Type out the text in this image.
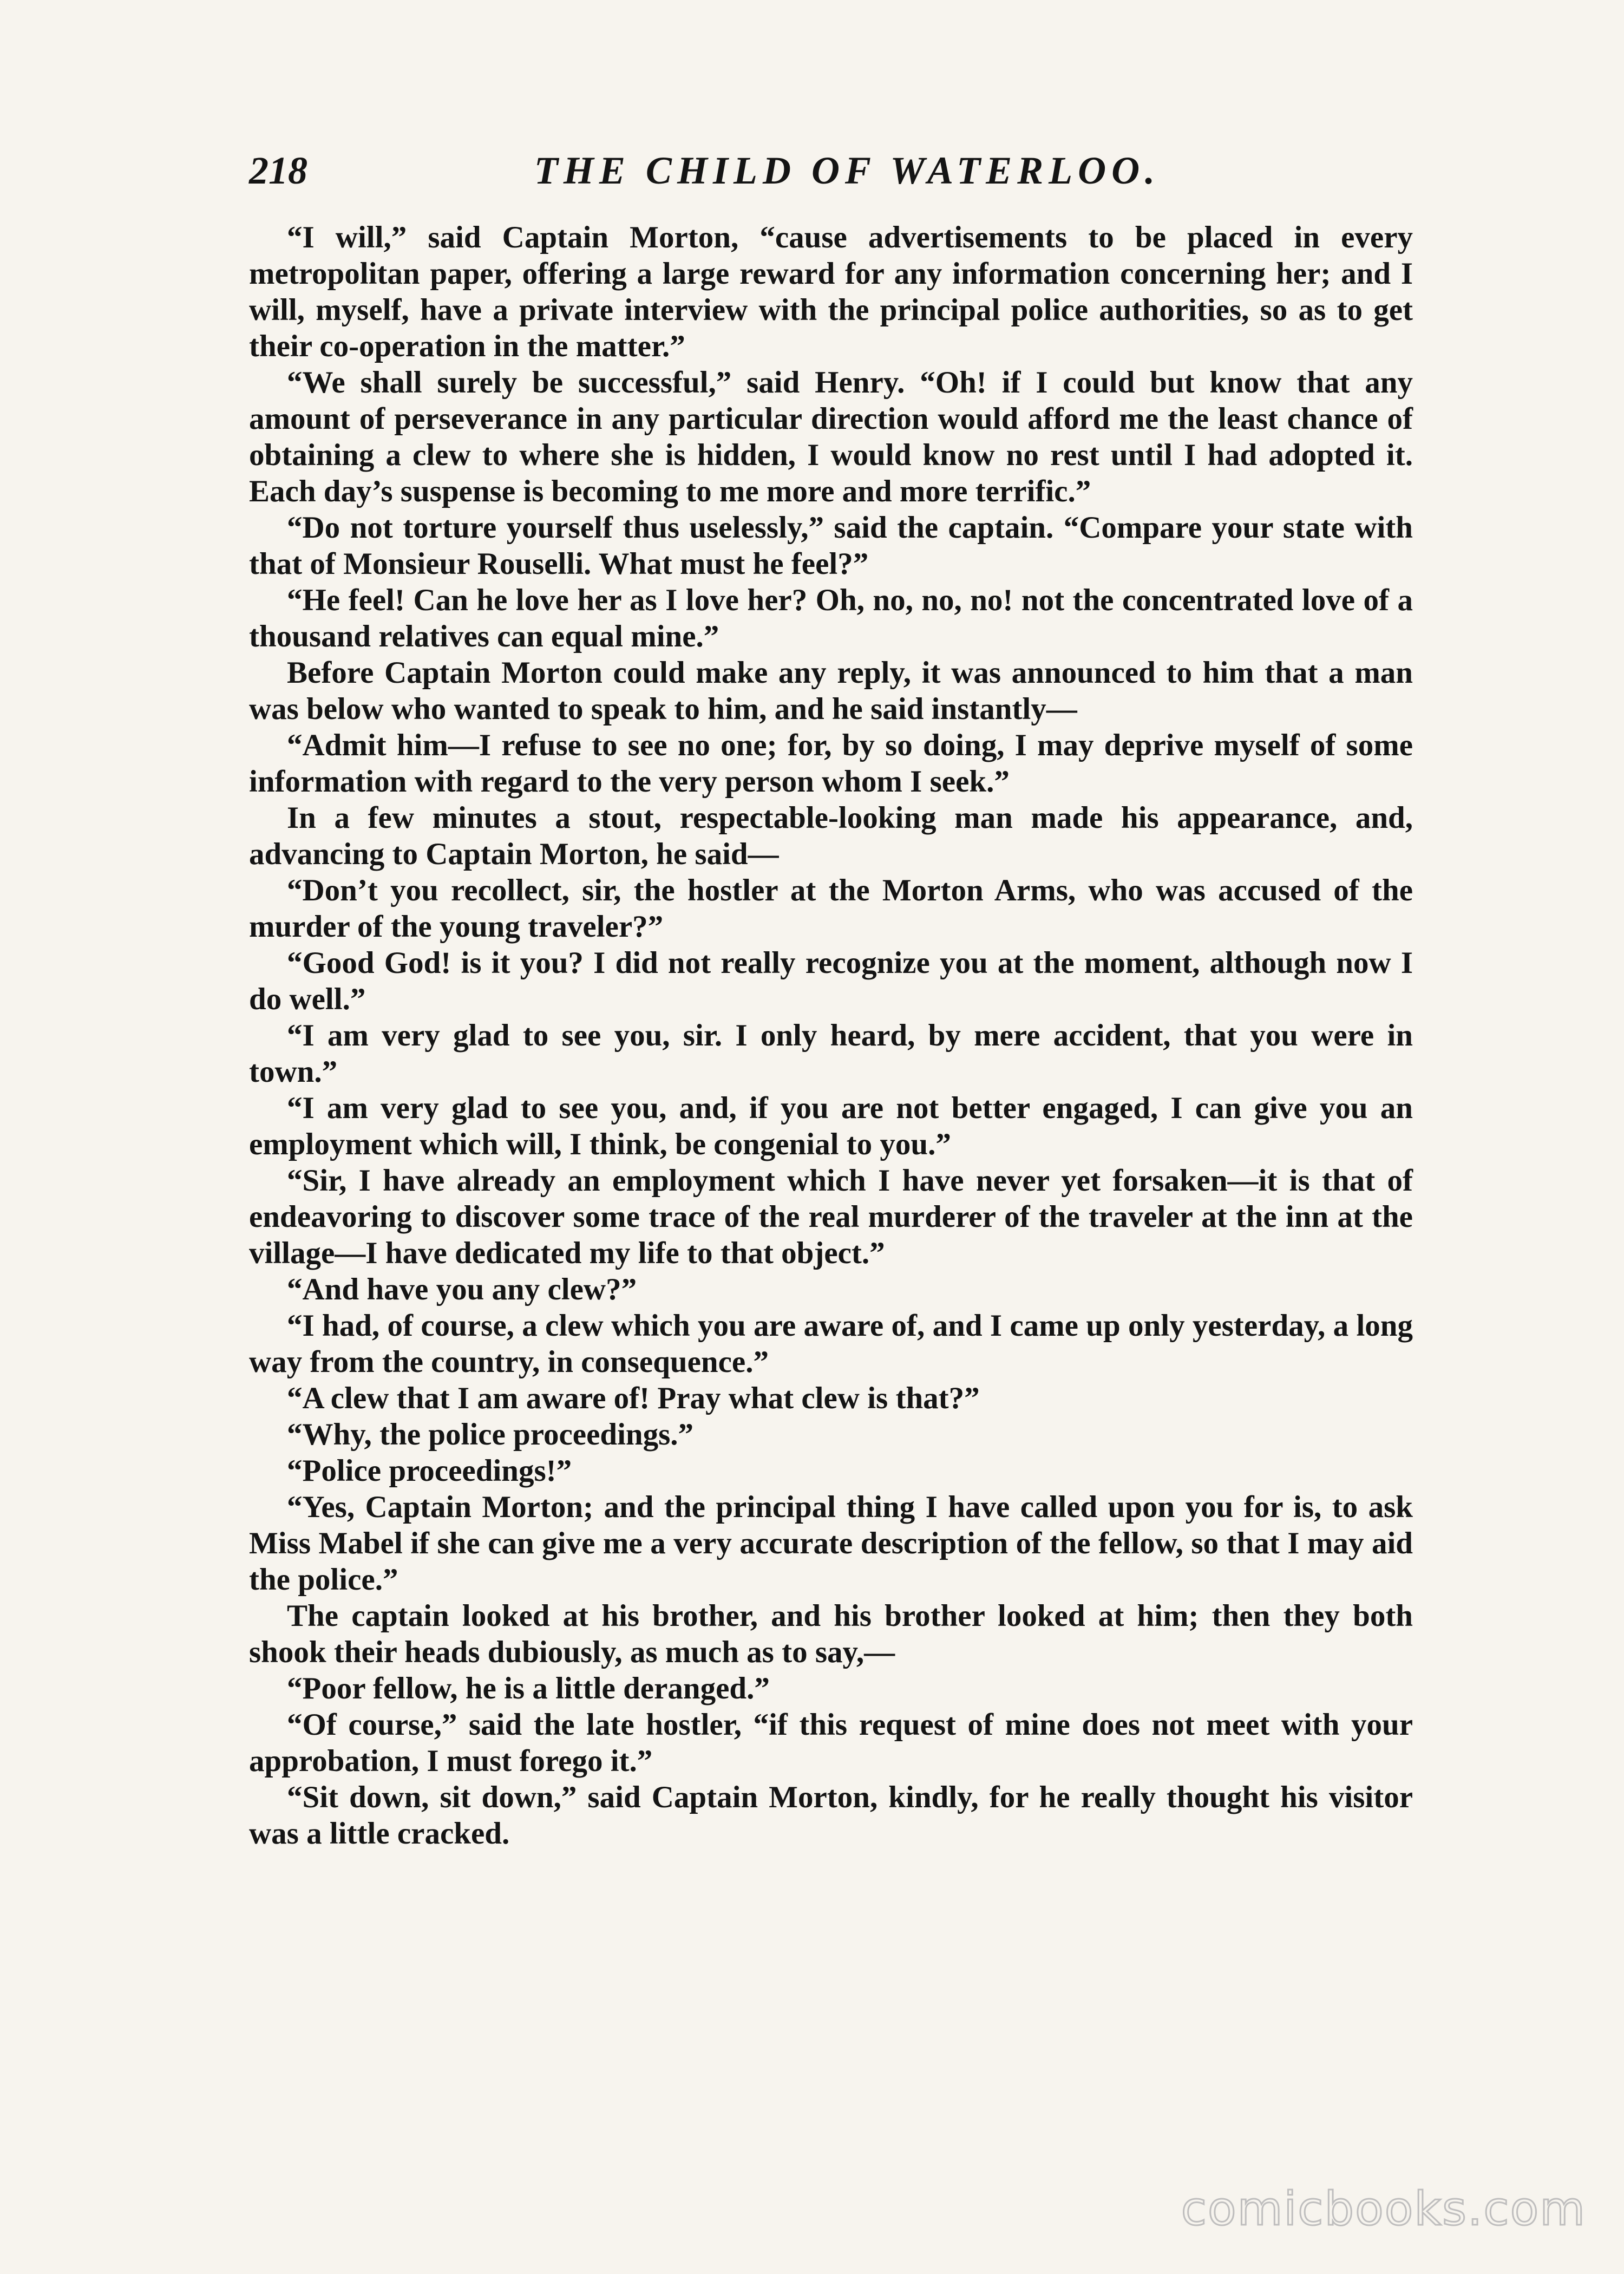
218	THE CHILD OF WATERLOO.

“I will,” said Captain Morton, “cause advertisements to be placed in every metropolitan paper, offering a large reward for any information concerning her; and I will, myself, have a private interview with the principal police authorities, so as to get their co-operation in the matter.”

“We shall surely be successful,” said Henry. “Oh! if I could but know that any amount of perseverance in any particular direction would afford me the least chance of obtaining a clew to where she is hidden, I would know no rest until I had adopted it. Each day’s suspense is becoming to me more and more terrific.”

“Do not torture yourself thus uselessly,” said the captain. “Compare your state with that of Monsieur Rouselli. What must he feel?”

“He feel! Can he love her as I love her? Oh, no, no, no! not the concentrated love of a thousand relatives can equal mine.”

Before Captain Morton could make any reply, it was announced to him that a man was below who wanted to speak to him, and he said instantly—

“Admit him—I refuse to see no one; for, by so doing, I may deprive myself of some information with regard to the very person whom I seek.”

In a few minutes a stout, respectable-looking man made his appearance, and, advancing to Captain Morton, he said—

“Don’t you recollect, sir, the hostler at the Morton Arms, who was accused of the murder of the young traveler?”

“Good God! is it you? I did not really recognize you at the moment, although now I do well.”

“I am very glad to see you, sir. I only heard, by mere accident, that you were in town.”

“I am very glad to see you, and, if you are not better engaged, I can give you an employment which will, I think, be congenial to you.”

“Sir, I have already an employment which I have never yet forsaken—it is that of endeavoring to discover some trace of the real murderer of the traveler at the inn at the village—I have dedicated my life to that object.”

“And have you any clew?”

“I had, of course, a clew which you are aware of, and I came up only yesterday, a long way from the country, in consequence.”

“A clew that I am aware of! Pray what clew is that?”

“Why, the police proceedings.”

“Police proceedings!”

“Yes, Captain Morton; and the principal thing I have called upon you for is, to ask Miss Mabel if she can give me a very accurate description of the fellow, so that I may aid the police.”

The captain looked at his brother, and his brother looked at him; then they both shook their heads dubiously, as much as to say,—

“Poor fellow, he is a little deranged.”

“Of course,” said the late hostler, “if this request of mine does not meet with your approbation, I must forego it.”

“Sit down, sit down,” said Captain Morton, kindly, for he really thought his visitor was a little cracked.

comicbooks.com
